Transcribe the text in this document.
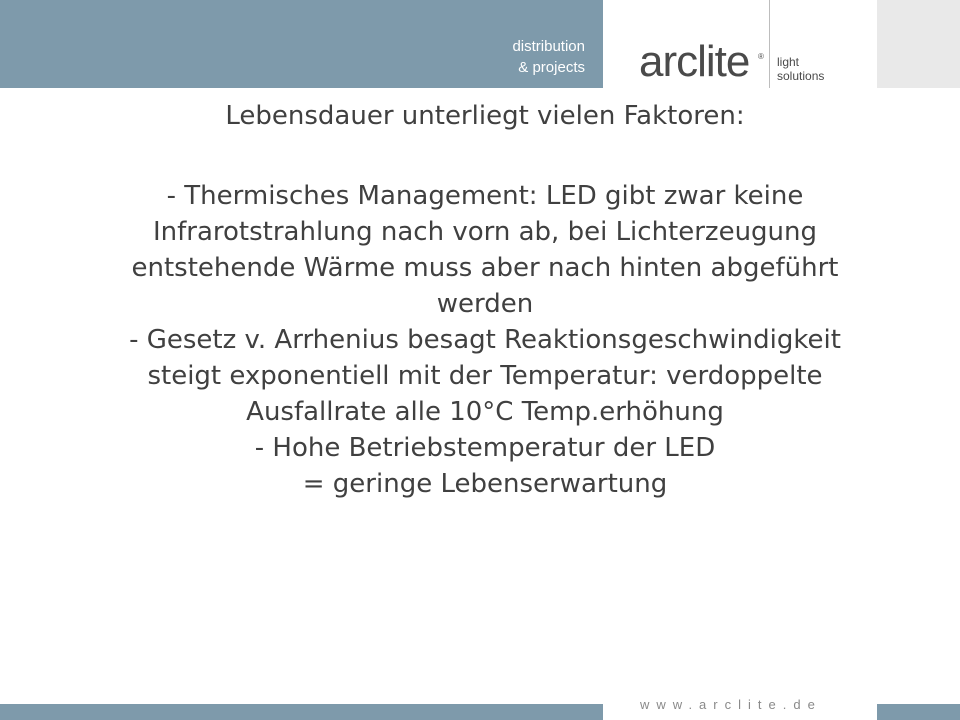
distribution
& projects arclite ® light
solutions

Lebensdauer unterliegt vielen Faktoren:

- Thermisches Management: LED gibt zwar keine

Infrarotstrahlung nach vorn ab, bei Lichterzeugung

entstehende Wärme muss aber nach hinten abgeführt

werden

- Gesetz v. Arrhenius besagt Reaktionsgeschwindigkeit

steigt exponentiell mit der Temperatur: verdoppelte

Ausfallrate alle 10°C Temp.erhöhung

- Hohe Betriebstemperatur der LED

= geringe Lebenserwartung

www.arclite.de
